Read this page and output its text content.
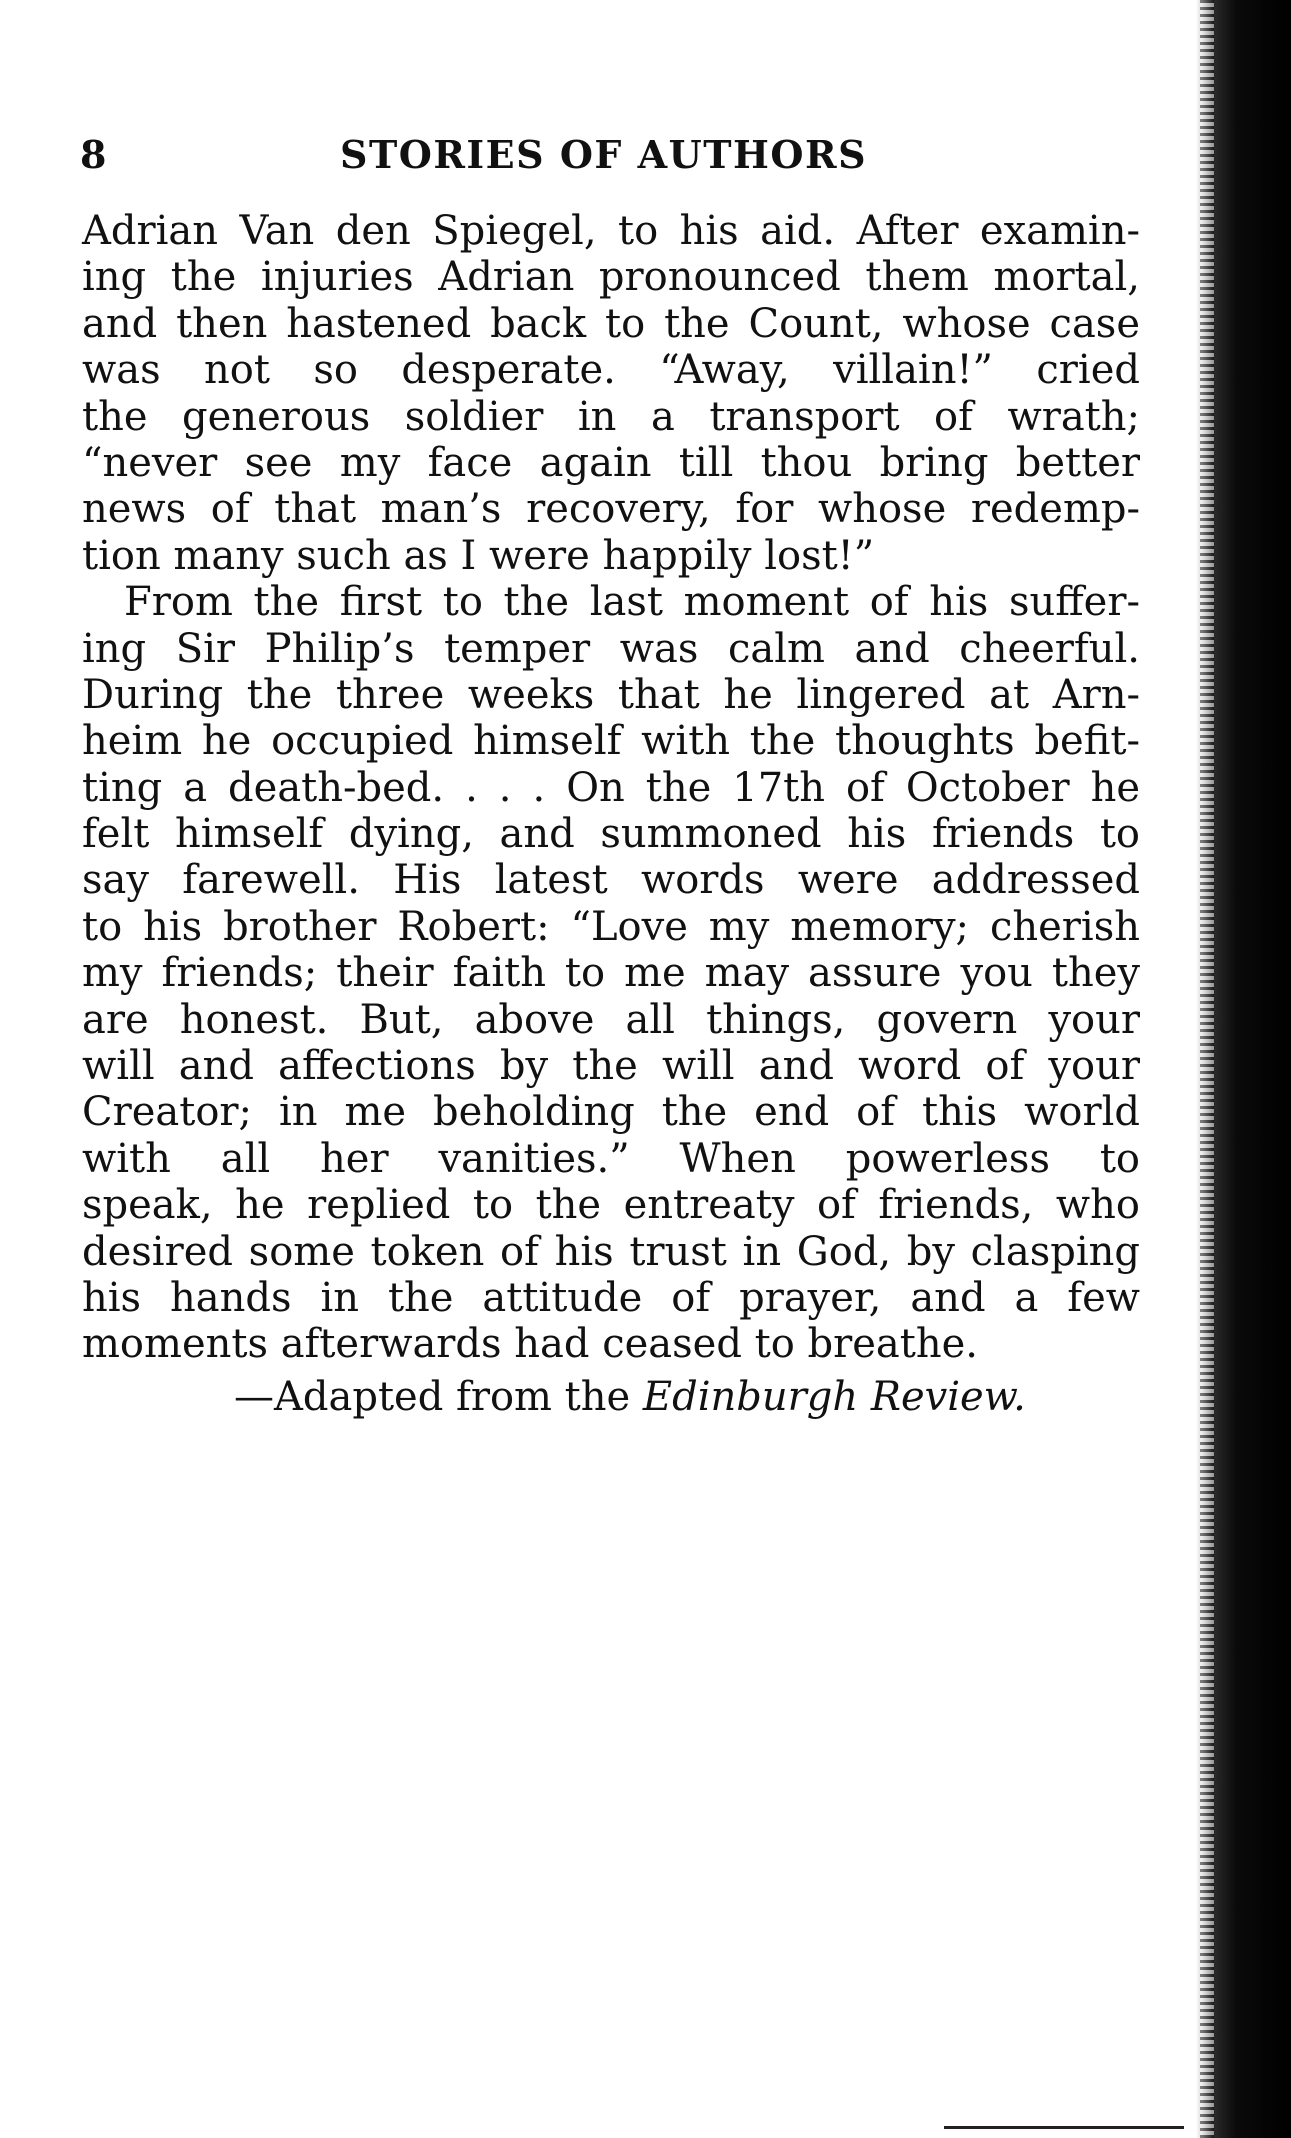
8	STORIES OF AUTHORS
Adrian Van den Spiegel, to his aid. After examin-
ing the injuries Adrian pronounced them mortal,
and then hastened back to the Count, whose case
was not so desperate. “Away, villain!” cried
the generous soldier in a transport of wrath;
“never see my face again till thou bring better
news of that man’s recovery, for whose redemp-
tion many such as I were happily lost!”
From the first to the last moment of his suffer-
ing Sir Philip’s temper was calm and cheerful.
During the three weeks that he lingered at Arn-
heim he occupied himself with the thoughts befit-
ting a death-bed. . . . On the 17th of October he
felt himself dying, and summoned his friends to
say farewell. His latest words were addressed
to his brother Robert: “Love my memory; cherish
my friends; their faith to me may assure you they
are honest. But, above all things, govern your
will and affections by the will and word of your
Creator; in me beholding the end of this world
with all her vanities.” When powerless to
speak, he replied to the entreaty of friends, who
desired some token of his trust in God, by clasping
his hands in the attitude of prayer, and a few
moments afterwards had ceased to breathe.
—Adapted from the Edinburgh Review.
